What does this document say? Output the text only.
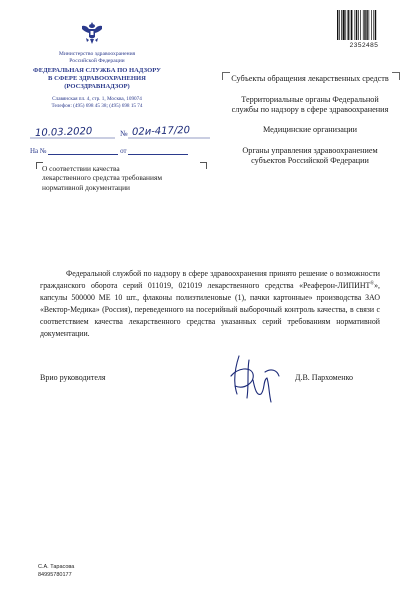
2352485
Министерство здравоохранения
Российской Федерации
ФЕДЕРАЛЬНАЯ СЛУЖБА ПО НАДЗОРУ
В СФЕРЕ ЗДРАВООХРАНЕНИЯ
(РОСЗДРАВНАДЗОР)
Славянская пл. 4, стр. 1, Москва, 109074
Телефон: (495) 698 45 38; (495) 698 15 74
10.03.2020	№ 02и-417/20
На №	от
О соответствии качества
лекарственного средства требованиям
нормативной документации
Субъекты обращения лекарственных средств
Территориальные органы Федеральной службы по надзору в сфере здравоохранения
Медицинские организации
Органы управления здравоохранением субъектов Российской Федерации
Федеральной службой по надзору в сфере здравоохранения принято решение о возможности гражданского оборота серий 011019, 021019 лекарственного средства «Реаферон-ЛИПИНТ®», капсулы 500000 МЕ 10 шт., флаконы полиэтиленовые (1), пачки картонные» производства ЗАО «Вектор-Медика» (Россия), переведенного на посерийный выборочный контроль качества, в связи с соответствием качества лекарственного средства указанных серий требованиям нормативной документации.
Врио руководителя	Д.В. Пархоменко
С.А. Тарасова
84995780177
